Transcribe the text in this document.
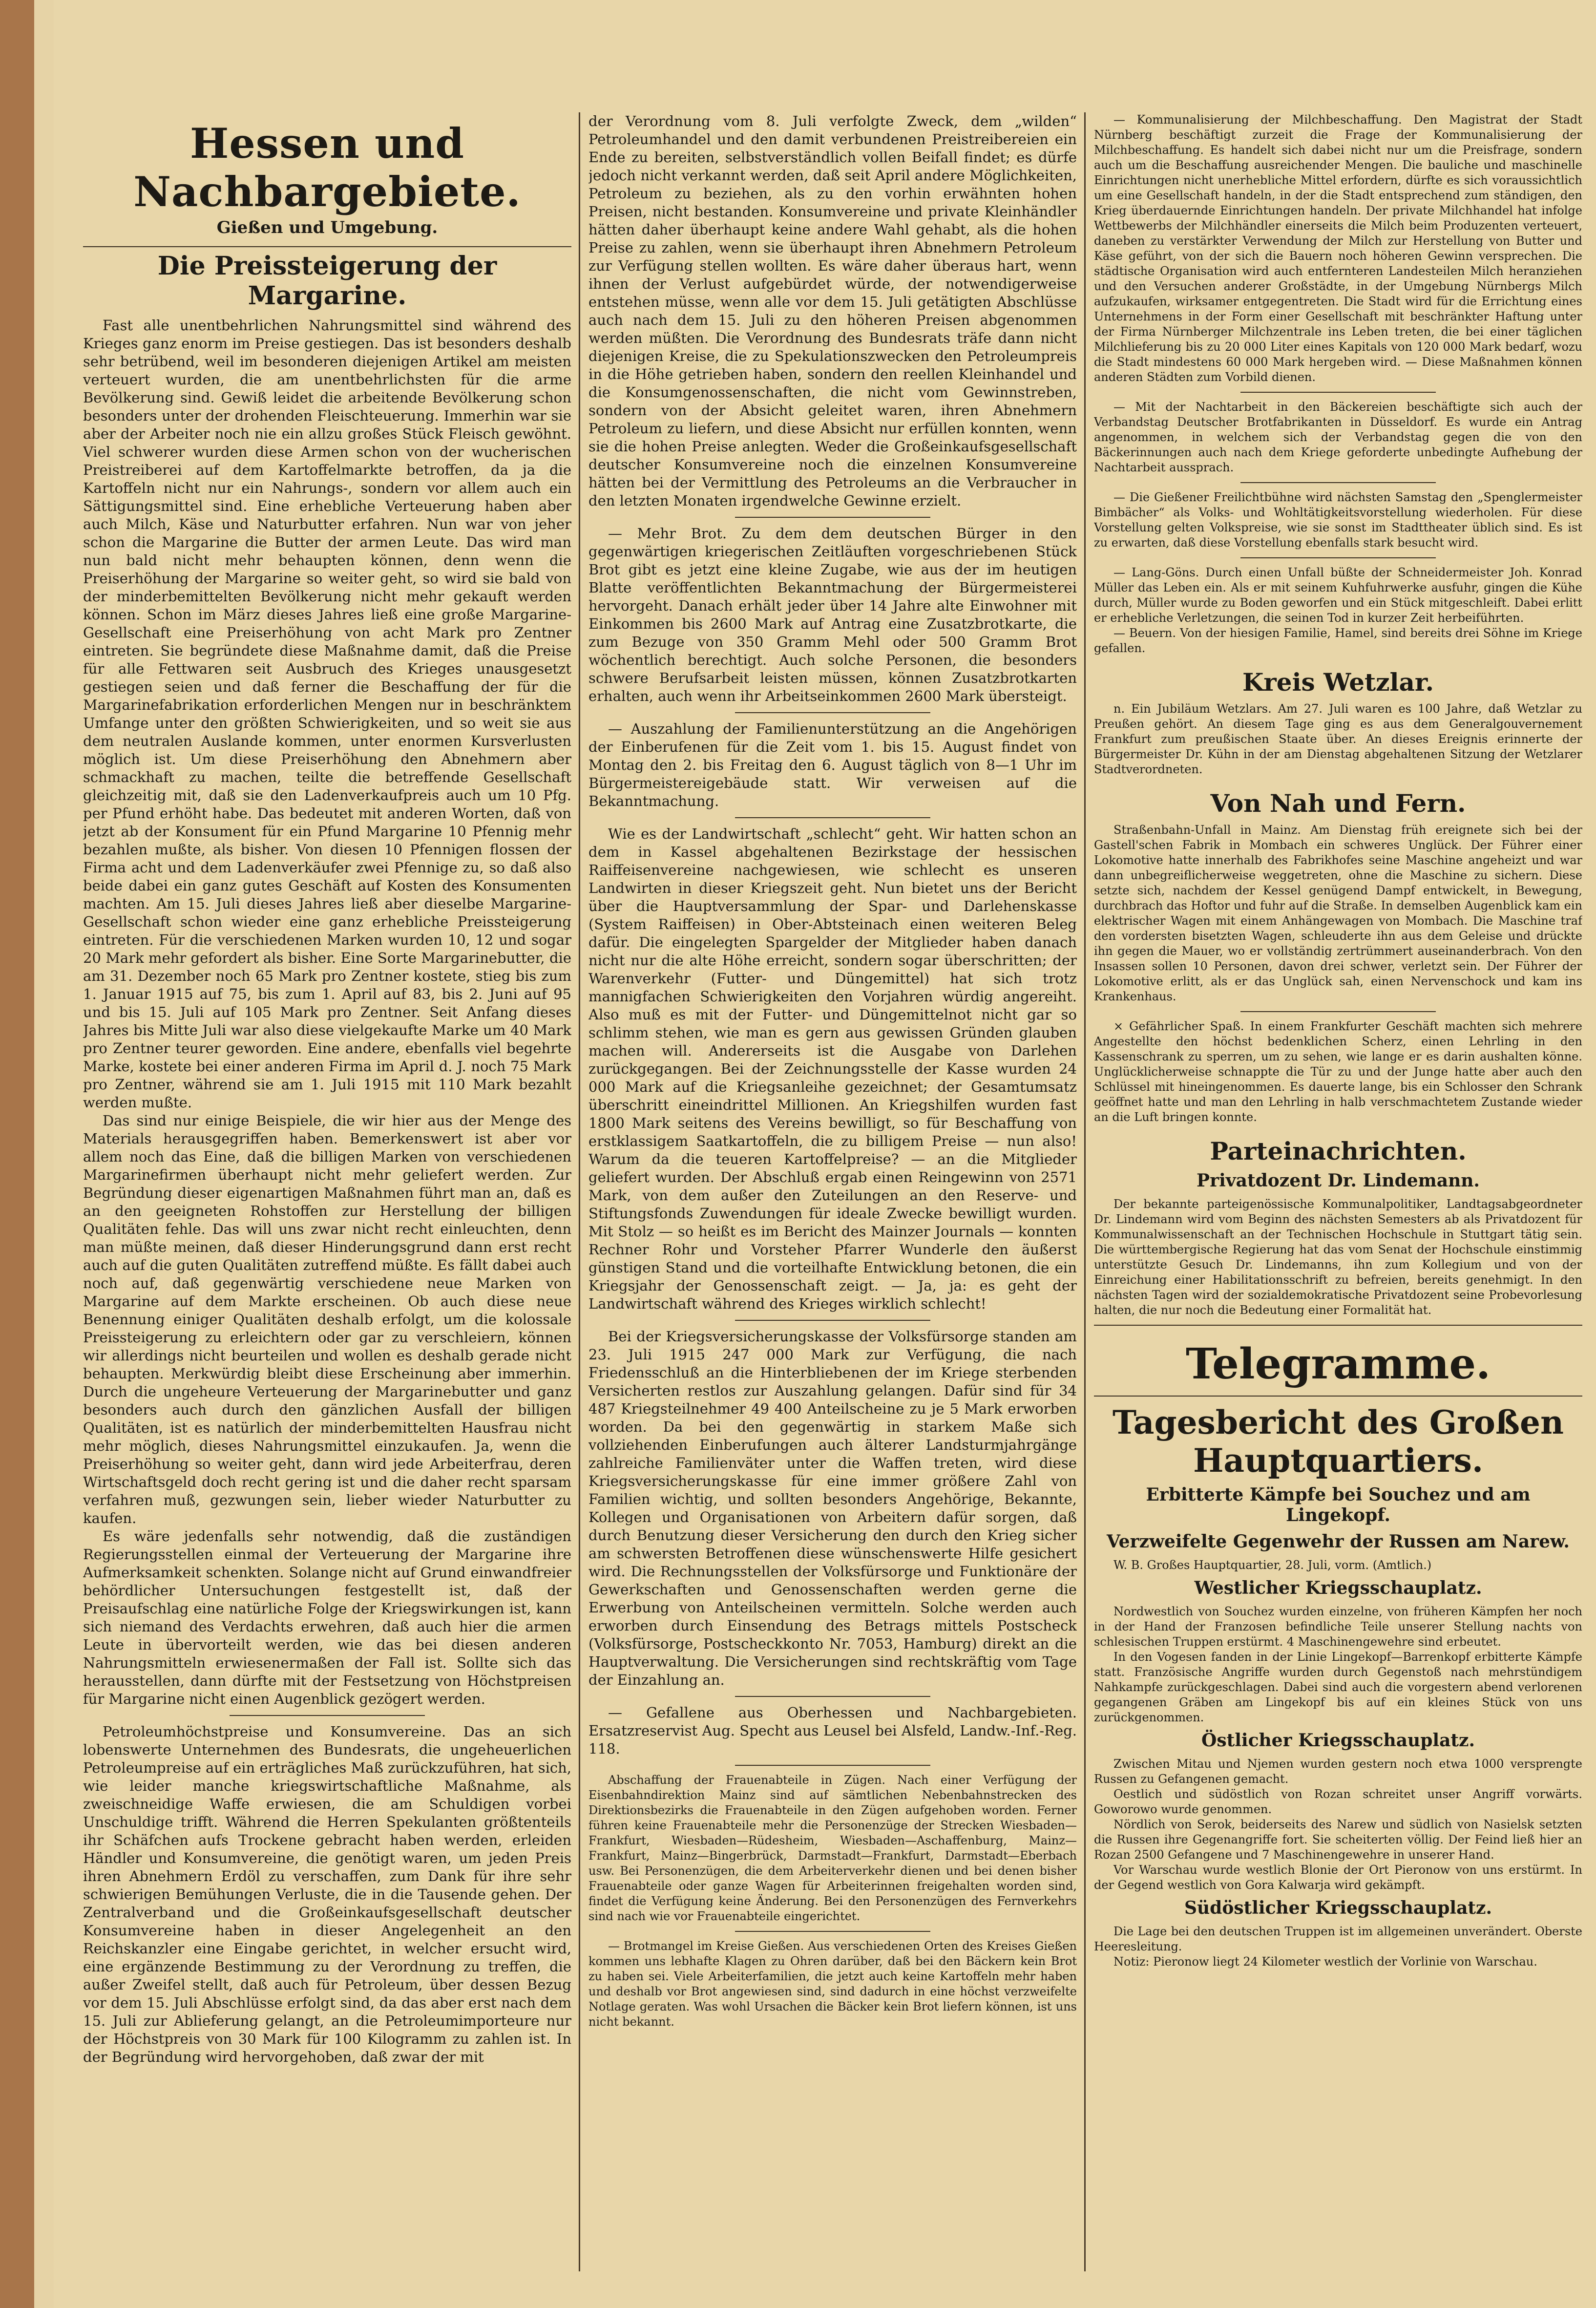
Hessen und Nachbargebiete.
Gießen und Umgebung.
Die Preissteigerung der Margarine.

Fast alle unentbehrlichen Nahrungsmittel sind während des Krieges ganz enorm im Preise gestiegen. Das ist besonders deshalb sehr betrübend, weil im besonderen diejenigen Artikel am meisten verteuert wurden, die am unentbehrlichsten für die arme Bevölkerung sind. Gewiß leidet die arbeitende Bevölkerung schon besonders unter der drohenden Fleischteuerung. Immerhin war sie aber der Arbeiter noch nie ein allzu großes Stück Fleisch gewöhnt. Viel schwerer wurden diese Armen schon von der wucherischen Preistreiberei auf dem Kartoffelmarkte betroffen, da ja die Kartoffeln nicht nur ein Nahrungs-, sondern vor allem auch ein Sättigungsmittel sind. Eine erhebliche Verteuerung haben aber auch Milch, Käse und Naturbutter erfahren. Nun war von jeher schon die Margarine die Butter der armen Leute. Das wird man nun bald nicht mehr behaupten können, denn wenn die Preiserhöhung der Margarine so weiter geht, so wird sie bald von der minderbemittelten Bevölkerung nicht mehr gekauft werden können. Schon im März dieses Jahres ließ eine große Margarine-Gesellschaft eine Preiserhöhung von acht Mark pro Zentner eintreten. Sie begründete diese Maßnahme damit, daß die Preise für alle Fettwaren seit Ausbruch des Krieges unausgesetzt gestiegen seien und daß ferner die Beschaffung der für die Margarinefabrikation erforderlichen Mengen nur in beschränktem Umfange unter den größten Schwierigkeiten, und so weit sie aus dem neutralen Auslande kommen, unter enormen Kursverlusten möglich ist. Um diese Preiserhöhung den Abnehmern aber schmackhaft zu machen, teilte die betreffende Gesellschaft gleichzeitig mit, daß sie den Ladenverkaufpreis auch um 10 Pfg. per Pfund erhöht habe. Das bedeutet mit anderen Worten, daß von jetzt ab der Konsument für ein Pfund Margarine 10 Pfennig mehr bezahlen mußte, als bisher. Von diesen 10 Pfennigen flossen der Firma acht und dem Ladenverkäufer zwei Pfennige zu, so daß also beide dabei ein ganz gutes Geschäft auf Kosten des Konsumenten machten. Am 15. Juli dieses Jahres ließ aber dieselbe Margarine-Gesellschaft schon wieder eine ganz erhebliche Preissteigerung eintreten. Für die verschiedenen Marken wurden 10, 12 und sogar 20 Mark mehr gefordert als bisher. Eine Sorte Margarinebutter, die am 31. Dezember noch 65 Mark pro Zentner kostete, stieg bis zum 1. Januar 1915 auf 75, bis zum 1. April auf 83, bis 2. Juni auf 95 und bis 15. Juli auf 105 Mark pro Zentner. Seit Anfang dieses Jahres bis Mitte Juli war also diese vielgekaufte Marke um 40 Mark pro Zentner teurer geworden. Eine andere, ebenfalls viel begehrte Marke, kostete bei einer anderen Firma im April d. J. noch 75 Mark pro Zentner, während sie am 1. Juli 1915 mit 110 Mark bezahlt werden mußte.

Das sind nur einige Beispiele, die wir hier aus der Menge des Materials herausgegriffen haben. Bemerkenswert ist aber vor allem noch das Eine, daß die billigen Marken von verschiedenen Margarinefirmen überhaupt nicht mehr geliefert werden. Zur Begründung dieser eigenartigen Maßnahmen führt man an, daß es an den geeigneten Rohstoffen zur Herstellung der billigen Qualitäten fehle. Das will uns zwar nicht recht einleuchten, denn man müßte meinen, daß dieser Hinderungsgrund dann erst recht auch auf die guten Qualitäten zutreffend müßte. Es fällt dabei auch noch auf, daß gegenwärtig verschiedene neue Marken von Margarine auf dem Markte erscheinen. Ob auch diese neue Benennung einiger Qualitäten deshalb erfolgt, um die kolossale Preissteigerung zu erleichtern oder gar zu verschleiern, können wir allerdings nicht beurteilen und wollen es deshalb gerade nicht behaupten. Merkwürdig bleibt diese Erscheinung aber immerhin. Durch die ungeheure Verteuerung der Margarinebutter und ganz besonders auch durch den gänzlichen Ausfall der billigen Qualitäten, ist es natürlich der minderbemittelten Hausfrau nicht mehr möglich, dieses Nahrungsmittel einzukaufen. Ja, wenn die Preiserhöhung so weiter geht, dann wird jede Arbeiterfrau, deren Wirtschaftsgeld doch recht gering ist und die daher recht sparsam verfahren muß, gezwungen sein, lieber wieder Naturbutter zu kaufen.

Es wäre jedenfalls sehr notwendig, daß die zuständigen Regierungsstellen einmal der Verteuerung der Margarine ihre Aufmerksamkeit schenkten. Solange nicht auf Grund einwandfreier behördlicher Untersuchungen festgestellt ist, daß der Preisaufschlag eine natürliche Folge der Kriegswirkungen ist, kann sich niemand des Verdachts erwehren, daß auch hier die armen Leute in übervorteilt werden, wie das bei diesen anderen Nahrungsmitteln erwiesenermaßen der Fall ist. Sollte sich das herausstellen, dann dürfte mit der Festsetzung von Höchstpreisen für Margarine nicht einen Augenblick gezögert werden.

Petroleumhöchstpreise und Konsumvereine. Das an sich lobenswerte Unternehmen des Bundesrats, die ungeheuerlichen Petroleumpreise auf ein erträgliches Maß zurückzuführen, hat sich, wie leider manche kriegswirtschaftliche Maßnahme, als zweischneidige Waffe erwiesen, die am Schuldigen vorbei Unschuldige trifft. Während die Herren Spekulanten größtenteils ihr Schäfchen aufs Trockene gebracht haben werden, erleiden Händler und Konsumvereine, die genötigt waren, um jeden Preis ihren Abnehmern Erdöl zu verschaffen, zum Dank für ihre sehr schwierigen Bemühungen Verluste, die in die Tausende gehen. Der Zentralverband und die Großeinkaufsgesellschaft deutscher Konsumvereine haben in dieser Angelegenheit an den Reichskanzler eine Eingabe gerichtet, in welcher ersucht wird, eine ergänzende Bestimmung zu der Verordnung zu treffen, die außer Zweifel stellt, daß auch für Petroleum, über dessen Bezug vor dem 15. Juli Abschlüsse erfolgt sind, da das aber erst nach dem 15. Juli zur Ablieferung gelangt, an die Petroleumimporteure nur der Höchstpreis von 30 Mark für 100 Kilogramm zu zahlen ist. In der Begründung wird hervorgehoben, daß zwar der mit

der Verordnung vom 8. Juli verfolgte Zweck, dem „wilden“ Petroleumhandel und den damit verbundenen Preistreibereien ein Ende zu bereiten, selbstverständlich vollen Beifall findet; es dürfe jedoch nicht verkannt werden, daß seit April andere Möglichkeiten, Petroleum zu beziehen, als zu den vorhin erwähnten hohen Preisen, nicht bestanden. Konsumvereine und private Kleinhändler hätten daher überhaupt keine andere Wahl gehabt, als die hohen Preise zu zahlen, wenn sie überhaupt ihren Abnehmern Petroleum zur Verfügung stellen wollten. Es wäre daher überaus hart, wenn ihnen der Verlust aufgebürdet würde, der notwendigerweise entstehen müsse, wenn alle vor dem 15. Juli getätigten Abschlüsse auch nach dem 15. Juli zu den höheren Preisen abgenommen werden müßten. Die Verordnung des Bundesrats träfe dann nicht diejenigen Kreise, die zu Spekulationszwecken den Petroleumpreis in die Höhe getrieben haben, sondern den reellen Kleinhandel und die Konsumgenossenschaften, die nicht vom Gewinnstreben, sondern von der Absicht geleitet waren, ihren Abnehmern Petroleum zu liefern, und diese Absicht nur erfüllen konnten, wenn sie die hohen Preise anlegten. Weder die Großeinkaufsgesellschaft deutscher Konsumvereine noch die einzelnen Konsumvereine hätten bei der Vermittlung des Petroleums an die Verbraucher in den letzten Monaten irgendwelche Gewinne erzielt.

— Mehr Brot. Zu dem dem deutschen Bürger in den gegenwärtigen kriegerischen Zeitläuften vorgeschriebenen Stück Brot gibt es jetzt eine kleine Zugabe, wie aus der im heutigen Blatte veröffentlichten Bekanntmachung der Bürgermeisterei hervorgeht. Danach erhält jeder über 14 Jahre alte Einwohner mit Einkommen bis 2600 Mark auf Antrag eine Zusatzbrotkarte, die zum Bezuge von 350 Gramm Mehl oder 500 Gramm Brot wöchentlich berechtigt. Auch solche Personen, die besonders schwere Berufsarbeit leisten müssen, können Zusatzbrotkarten erhalten, auch wenn ihr Arbeitseinkommen 2600 Mark übersteigt.

— Auszahlung der Familienunterstützung an die Angehörigen der Einberufenen für die Zeit vom 1. bis 15. August findet von Montag den 2. bis Freitag den 6. August täglich von 8—1 Uhr im Bürgermeistereigebäude statt. Wir verweisen auf die Bekanntmachung.

Wie es der Landwirtschaft „schlecht“ geht. Wir hatten schon an dem in Kassel abgehaltenen Bezirkstage der hessischen Raiffeisenvereine nachgewiesen, wie schlecht es unseren Landwirten in dieser Kriegszeit geht. Nun bietet uns der Bericht über die Hauptversammlung der Spar- und Darlehenskasse (System Raiffeisen) in Ober-Abtsteinach einen weiteren Beleg dafür. Die eingelegten Spargelder der Mitglieder haben danach nicht nur die alte Höhe erreicht, sondern sogar überschritten; der Warenverkehr (Futter- und Düngemittel) hat sich trotz mannigfachen Schwierigkeiten den Vorjahren würdig angereiht. Also muß es mit der Futter- und Düngemittelnot nicht gar so schlimm stehen, wie man es gern aus gewissen Gründen glauben machen will. Andererseits ist die Ausgabe von Darlehen zurückgegangen. Bei der Zeichnungsstelle der Kasse wurden 24 000 Mark auf die Kriegsanleihe gezeichnet; der Gesamtumsatz überschritt eineindrittel Millionen. An Kriegshilfen wurden fast 1800 Mark seitens des Vereins bewilligt, so für Beschaffung von erstklassigem Saatkartoffeln, die zu billigem Preise — nun also! Warum da die teueren Kartoffelpreise? — an die Mitglieder geliefert wurden. Der Abschluß ergab einen Reingewinn von 2571 Mark, von dem außer den Zuteilungen an den Reserve- und Stiftungsfonds Zuwendungen für ideale Zwecke bewilligt wurden. Mit Stolz — so heißt es im Bericht des Mainzer Journals — konnten Rechner Rohr und Vorsteher Pfarrer Wunderle den äußerst günstigen Stand und die vorteilhafte Entwicklung betonen, die ein Kriegsjahr der Genossenschaft zeigt. — Ja, ja: es geht der Landwirtschaft während des Krieges wirklich schlecht!

Bei der Kriegsversicherungskasse der Volksfürsorge standen am 23. Juli 1915 247 000 Mark zur Verfügung, die nach Friedensschluß an die Hinterbliebenen der im Kriege sterbenden Versicherten restlos zur Auszahlung gelangen. Dafür sind für 34 487 Kriegsteilnehmer 49 400 Anteilscheine zu je 5 Mark erworben worden. Da bei den gegenwärtig in starkem Maße sich vollziehenden Einberufungen auch älterer Landsturmjahrgänge zahlreiche Familienväter unter die Waffen treten, wird diese Kriegsversicherungskasse für eine immer größere Zahl von Familien wichtig, und sollten besonders Angehörige, Bekannte, Kollegen und Organisationen von Arbeitern dafür sorgen, daß durch Benutzung dieser Versicherung den durch den Krieg sicher am schwersten Betroffenen diese wünschenswerte Hilfe gesichert wird. Die Rechnungsstellen der Volksfürsorge und Funktionäre der Gewerkschaften und Genossenschaften werden gerne die Erwerbung von Anteilscheinen vermitteln. Solche werden auch erworben durch Einsendung des Betrags mittels Postscheck (Volksfürsorge, Postscheckkonto Nr. 7053, Hamburg) direkt an die Hauptverwaltung. Die Versicherungen sind rechtskräftig vom Tage der Einzahlung an.

— Gefallene aus Oberhessen und Nachbargebieten. Ersatzreservist Aug. Specht aus Leusel bei Alsfeld, Landw.-Inf.-Reg. 118.

Abschaffung der Frauenabteile in Zügen. Nach einer Verfügung der Eisenbahndirektion Mainz sind auf sämtlichen Nebenbahnstrecken des Direktionsbezirks die Frauenabteile in den Zügen aufgehoben worden. Ferner führen keine Frauenabteile mehr die Personenzüge der Strecken Wiesbaden—Frankfurt, Wiesbaden—Rüdesheim, Wiesbaden—Aschaffenburg, Mainz—Frankfurt, Mainz—Bingerbrück, Darmstadt—Frankfurt, Darmstadt—Eberbach usw. Bei Personenzügen, die dem Arbeiterverkehr dienen und bei denen bisher Frauenabteile oder ganze Wagen für Arbeiterinnen freigehalten worden sind, findet die Verfügung keine Änderung. Bei den Personenzügen des Fernverkehrs sind nach wie vor Frauenabteile eingerichtet.

— Brotmangel im Kreise Gießen. Aus verschiedenen Orten des Kreises Gießen kommen uns lebhafte Klagen zu Ohren darüber, daß bei den Bäckern kein Brot zu haben sei. Viele Arbeiterfamilien, die jetzt auch keine Kartoffeln mehr haben und deshalb vor Brot angewiesen sind, sind dadurch in eine höchst verzweifelte Notlage geraten. Was wohl Ursachen die Bäcker kein Brot liefern können, ist uns nicht bekannt.

— Kommunalisierung der Milchbeschaffung. Den Magistrat der Stadt Nürnberg beschäftigt zurzeit die Frage der Kommunalisierung der Milchbeschaffung. Es handelt sich dabei nicht nur um die Preisfrage, sondern auch um die Beschaffung ausreichender Mengen. Die bauliche und maschinelle Einrichtungen nicht unerhebliche Mittel erfordern, dürfte es sich voraussichtlich um eine Gesellschaft handeln, in der die Stadt entsprechend zum ständigen, den Krieg überdauernde Einrichtungen handeln. Der private Milchhandel hat infolge Wettbewerbs der Milchhändler einerseits die Milch beim Produzenten verteuert, daneben zu verstärkter Verwendung der Milch zur Herstellung von Butter und Käse geführt, von der sich die Bauern noch höheren Gewinn versprechen. Die städtische Organisation wird auch entfernteren Landesteilen Milch heranziehen und den Versuchen anderer Großstädte, in der Umgebung Nürnbergs Milch aufzukaufen, wirksamer entgegentreten. Die Stadt wird für die Errichtung eines Unternehmens in der Form einer Gesellschaft mit beschränkter Haftung unter der Firma Nürnberger Milchzentrale ins Leben treten, die bei einer täglichen Milchlieferung bis zu 20 000 Liter eines Kapitals von 120 000 Mark bedarf, wozu die Stadt mindestens 60 000 Mark hergeben wird. — Diese Maßnahmen können anderen Städten zum Vorbild dienen.

— Mit der Nachtarbeit in den Bäckereien beschäftigte sich auch der Verbandstag Deutscher Brotfabrikanten in Düsseldorf. Es wurde ein Antrag angenommen, in welchem sich der Verbandstag gegen die von den Bäckerinnungen auch nach dem Kriege geforderte unbedingte Aufhebung der Nachtarbeit aussprach.

— Die Gießener Freilichtbühne wird nächsten Samstag den „Spenglermeister Bimbächer“ als Volks- und Wohltätigkeitsvorstellung wiederholen. Für diese Vorstellung gelten Volkspreise, wie sie sonst im Stadttheater üblich sind. Es ist zu erwarten, daß diese Vorstellung ebenfalls stark besucht wird.

— Lang-Göns. Durch einen Unfall büßte der Schneidermeister Joh. Konrad Müller das Leben ein. Als er mit seinem Kuhfuhrwerke ausfuhr, gingen die Kühe durch, Müller wurde zu Boden geworfen und ein Stück mitgeschleift. Dabei erlitt er erhebliche Verletzungen, die seinen Tod in kurzer Zeit herbeiführten.

— Beuern. Von der hiesigen Familie, Hamel, sind bereits drei Söhne im Kriege gefallen.

Kreis Wetzlar.

n. Ein Jubiläum Wetzlars. Am 27. Juli waren es 100 Jahre, daß Wetzlar zu Preußen gehört. An diesem Tage ging es aus dem Generalgouvernement Frankfurt zum preußischen Staate über. An dieses Ereignis erinnerte der Bürgermeister Dr. Kühn in der am Dienstag abgehaltenen Sitzung der Wetzlarer Stadtverordneten.

Von Nah und Fern.

Straßenbahn-Unfall in Mainz. Am Dienstag früh ereignete sich bei der Gastell'schen Fabrik in Mombach ein schweres Unglück. Der Führer einer Lokomotive hatte innerhalb des Fabrikhofes seine Maschine angeheizt und war dann unbegreiflicherweise weggetreten, ohne die Maschine zu sichern. Diese setzte sich, nachdem der Kessel genügend Dampf entwickelt, in Bewegung, durchbrach das Hoftor und fuhr auf die Straße. In demselben Augenblick kam ein elektrischer Wagen mit einem Anhängewagen von Mombach. Die Maschine traf den vordersten bisetzten Wagen, schleuderte ihn aus dem Geleise und drückte ihn gegen die Mauer, wo er vollständig zertrümmert auseinanderbrach. Von den Insassen sollen 10 Personen, davon drei schwer, verletzt sein. Der Führer der Lokomotive erlitt, als er das Unglück sah, einen Nervenschock und kam ins Krankenhaus.

× Gefährlicher Spaß. In einem Frankfurter Geschäft machten sich mehrere Angestellte den höchst bedenklichen Scherz, einen Lehrling in den Kassenschrank zu sperren, um zu sehen, wie lange er es darin aushalten könne. Unglücklicherweise schnappte die Tür zu und der Junge hatte aber auch den Schlüssel mit hineingenommen. Es dauerte lange, bis ein Schlosser den Schrank geöffnet hatte und man den Lehrling in halb verschmachtetem Zustande wieder an die Luft bringen konnte.

Parteinachrichten.
Privatdozent Dr. Lindemann.

Der bekannte parteigenössische Kommunalpolitiker, Landtagsabgeordneter Dr. Lindemann wird vom Beginn des nächsten Semesters ab als Privatdozent für Kommunalwissenschaft an der Technischen Hochschule in Stuttgart tätig sein. Die württembergische Regierung hat das vom Senat der Hochschule einstimmig unterstützte Gesuch Dr. Lindemanns, ihn zum Kollegium und von der Einreichung einer Habilitationsschrift zu befreien, bereits genehmigt. In den nächsten Tagen wird der sozialdemokratische Privatdozent seine Probevorlesung halten, die nur noch die Bedeutung einer Formalität hat.

Telegramme.
Tagesbericht des Großen Hauptquartiers.
Erbitterte Kämpfe bei Souchez und am Lingekopf.
Verzweifelte Gegenwehr der Russen am Narew.

W. B. Großes Hauptquartier, 28. Juli, vorm. (Amtlich.)

Westlicher Kriegsschauplatz.

Nordwestlich von Souchez wurden einzelne, von früheren Kämpfen her noch in der Hand der Franzosen befindliche Teile unserer Stellung nachts von schlesischen Truppen erstürmt. 4 Maschinengewehre sind erbeutet.

In den Vogesen fanden in der Linie Lingekopf—Barrenkopf erbitterte Kämpfe statt. Französische Angriffe wurden durch Gegenstoß nach mehrstündigem Nahkampfe zurückgeschlagen. Dabei sind auch die vorgestern abend verlorenen gegangenen Gräben am Lingekopf bis auf ein kleines Stück von uns zurückgenommen.

Östlicher Kriegsschauplatz.

Zwischen Mitau und Njemen wurden gestern noch etwa 1000 versprengte Russen zu Gefangenen gemacht.

Oestlich und südöstlich von Rozan schreitet unser Angriff vorwärts. Goworowo wurde genommen.

Nördlich von Serok, beiderseits des Narew und südlich von Nasielsk setzten die Russen ihre Gegenangriffe fort. Sie scheiterten völlig. Der Feind ließ hier an Rozan 2500 Gefangene und 7 Maschinengewehre in unserer Hand.

Vor Warschau wurde westlich Blonie der Ort Pieronow von uns erstürmt. In der Gegend westlich von Gora Kalwarja wird gekämpft.

Südöstlicher Kriegsschauplatz.

Die Lage bei den deutschen Truppen ist im allgemeinen unverändert. Oberste Heeresleitung.

Notiz: Pieronow liegt 24 Kilometer westlich der Vorlinie von Warschau.
